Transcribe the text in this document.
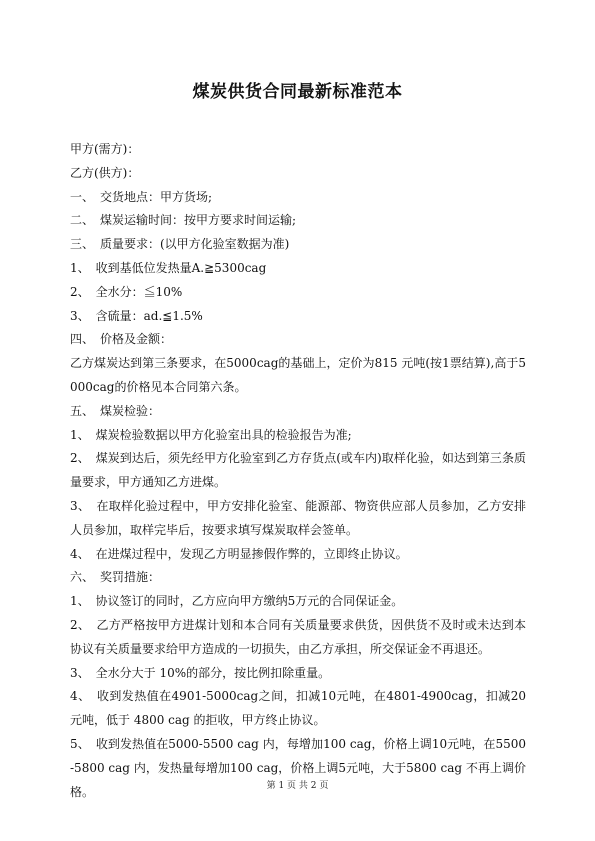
煤炭供货合同最新标准范本

甲方(需方)：

乙方(供方)：

一、　交货地点：甲方货场;

二、　煤炭运输时间：按甲方要求时间运输;

三、　质量要求：(以甲方化验室数据为准)

1、　收到基低位发热量A.≧5300cag

2、　全水分：≦10%

3、　含硫量：ad.≦1.5%

四、　价格及金额：

乙方煤炭达到第三条要求，在5000cag的基础上，定价为815 元吨(按1票结算),高于5000cag的价格见本合同第六条。

五、　煤炭检验：

1、　煤炭检验数据以甲方化验室出具的检验报告为准;

2、　煤炭到达后，须先经甲方化验室到乙方存货点(或车内)取样化验，如达到第三条质量要求，甲方通知乙方进煤。

3、　在取样化验过程中，甲方安排化验室、能源部、物资供应部人员参加，乙方安排人员参加，取样完毕后，按要求填写煤炭取样会签单。

4、　在进煤过程中，发现乙方明显掺假作弊的，立即终止协议。

六、　奖罚措施：

1、　协议签订的同时，乙方应向甲方缴纳5万元的合同保证金。

2、　乙方严格按甲方进煤计划和本合同有关质量要求供货，因供货不及时或未达到本协议有关质量要求给甲方造成的一切损失，由乙方承担，所交保证金不再退还。

3、　全水分大于 10%的部分，按比例扣除重量。

4、　收到发热值在4901-5000cag之间，扣减10元吨，在4801-4900cag，扣减20元吨，低于 4800 cag 的拒收，甲方终止协议。

5、　收到发热值在5000-5500 cag 内，每增加100 cag，价格上调10元吨，在5500-5800 cag 内，发热量每增加100 cag，价格上调5元吨，大于5800 cag 不再上调价格。	第 1 页 共 2 页
